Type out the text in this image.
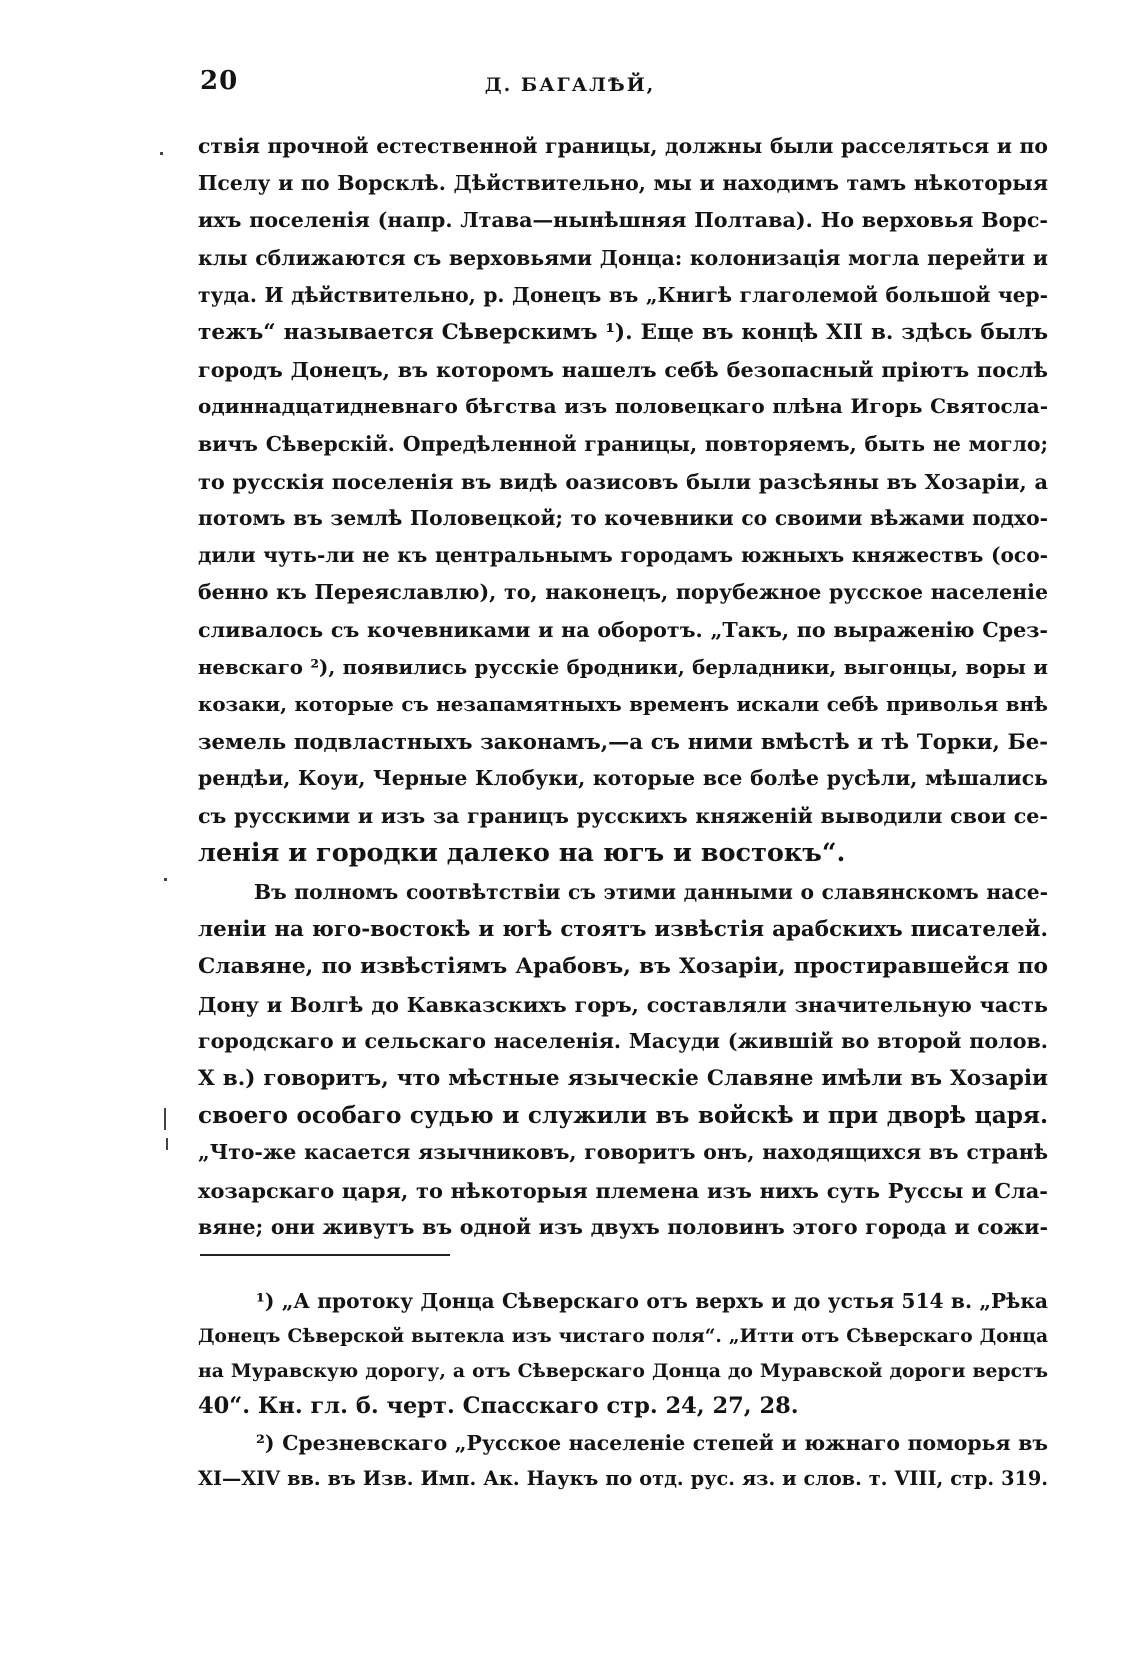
20	Д. БАГАЛѢЙ,
ствія прочной естественной границы, должны были расселяться и по
Пселу и по Ворсклѣ. Дѣйствительно, мы и находимъ тамъ нѣкоторыя
ихъ поселенія (напр. Лтава—нынѣшняя Полтава). Но верховья Ворс-
клы сближаются съ верховьями Донца: колонизація могла перейти и
туда. И дѣйствительно, р. Донецъ въ „Книгѣ глаголемой большой чер-
тежъ“ называется Сѣверскимъ ¹). Еще въ концѣ XII в. здѣсь былъ
городъ Донецъ, въ которомъ нашелъ себѣ безопасный пріютъ послѣ
одиннадцатидневнаго бѣгства изъ половецкаго плѣна Игорь Святосла-
вичъ Сѣверскій. Опредѣленной границы, повторяемъ, быть не могло;
то русскія поселенія въ видѣ оазисовъ были разсѣяны въ Хозаріи, а
потомъ въ землѣ Половецкой; то кочевники со своими вѣжами подхо-
дили чуть-ли не къ центральнымъ городамъ южныхъ княжествъ (осо-
бенно къ Переяславлю), то, наконецъ, порубежное русское населеніе
сливалось съ кочевниками и на оборотъ. „Такъ, по выраженію Срез-
невскаго ²), появились русскіе бродники, берладники, выгонцы, воры и
козаки, которые съ незапамятныхъ временъ искали себѣ приволья внѣ
земель подвластныхъ законамъ,—а съ ними вмѣстѣ и тѣ Торки, Бе-
рендѣи, Коуи, Черные Клобуки, которые все болѣе русѣли, мѣшались
съ русскими и изъ за границъ русскихъ княженій выводили свои се-
ленія и городки далеко на югъ и востокъ“.
Въ полномъ соотвѣтствіи съ этими данными о славянскомъ насе-
леніи на юго-востокѣ и югѣ стоятъ извѣстія арабскихъ писателей.
Славяне, по извѣстіямъ Арабовъ, въ Хозаріи, простиравшейся по
Дону и Волгѣ до Кавказскихъ горъ, составляли значительную часть
городскаго и сельскаго населенія. Масуди (жившій во второй полов.
X в.) говоритъ, что мѣстные языческіе Славяне имѣли въ Хозаріи
своего особаго судью и служили въ войскѣ и при дворѣ царя.
„Что-же касается язычниковъ, говоритъ онъ, находящихся въ странѣ
хозарскаго царя, то нѣкоторыя племена изъ нихъ суть Руссы и Сла-
вяне; они живутъ въ одной изъ двухъ половинъ этого города и сожи-
¹) „А протоку Донца Сѣверскаго отъ верхъ и до устья 514 в. „Рѣка
Донецъ Сѣверской вытекла изъ чистаго поля“. „Итти отъ Сѣверскаго Донца
на Муравскую дорогу, а отъ Сѣверскаго Донца до Муравской дороги верстъ
40“. Кн. гл. б. черт. Спасскаго стр. 24, 27, 28.
²) Срезневскаго „Русское населеніе степей и южнаго поморья въ
XI—XIV вв. въ Изв. Имп. Ак. Наукъ по отд. рус. яз. и слов. т. VIII, стр. 319.
